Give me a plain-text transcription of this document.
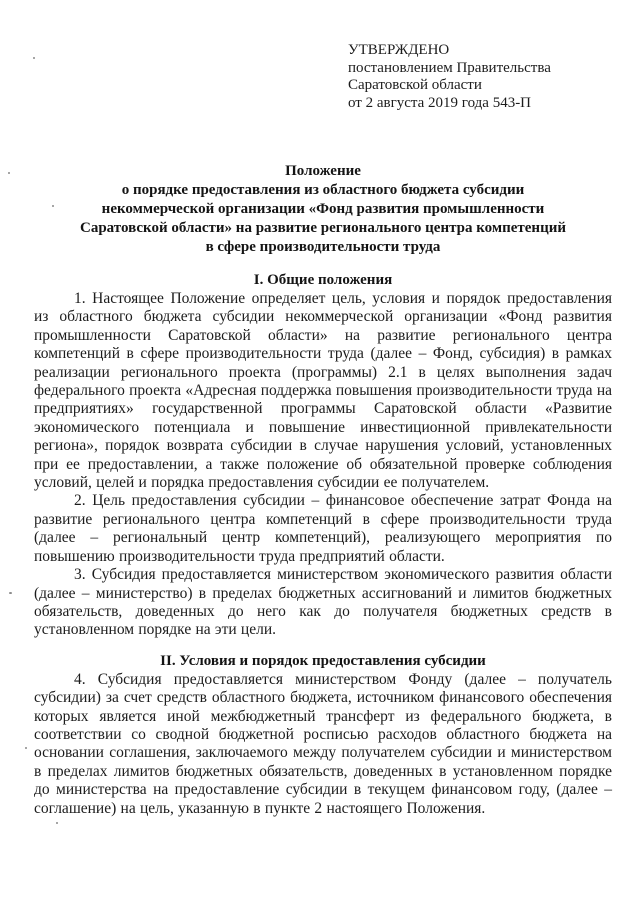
УТВЕРЖДЕНО
постановлением Правительства
Саратовской области
от 2 августа 2019 года 543-П
Положение
о порядке предоставления из областного бюджета субсидии
некоммерческой организации «Фонд развития промышленности
Саратовской области» на развитие регионального центра компетенций
в сфере производительности труда
I. Общие положения

1. Настоящее Положение определяет цель, условия и порядок предоставления из областного бюджета субсидии некоммерческой организации «Фонд развития промышленности Саратовской области» на развитие регионального центра компетенций в сфере производительности труда (далее – Фонд, субсидия) в рамках реализации регионального проекта (программы) 2.1 в целях выполнения задач федерального проекта «Адресная поддержка повышения производительности труда на предприятиях» государственной программы Саратовской области «Развитие экономического потенциала и повышение инвестиционной привлекательности региона», порядок возврата субсидии в случае нарушения условий, установленных при ее предоставлении, а также положение об обязательной проверке соблюдения условий, целей и порядка предоставления субсидии ее получателем.

2. Цель предоставления субсидии – финансовое обеспечение затрат Фонда на развитие регионального центра компетенций в сфере производительности труда (далее – региональный центр компетенций), реализующего мероприятия по повышению производительности труда предприятий области.

3. Субсидия предоставляется министерством экономического развития области (далее – министерство) в пределах бюджетных ассигнований и лимитов бюджетных обязательств, доведенных до него как до получателя бюджетных средств в установленном порядке на эти цели.

II. Условия и порядок предоставления субсидии

4. Субсидия предоставляется министерством Фонду (далее – получатель субсидии) за счет средств областного бюджета, источником финансового обеспечения которых является иной межбюджетный трансферт из федерального бюджета, в соответствии со сводной бюджетной росписью расходов областного бюджета на основании соглашения, заключаемого между получателем субсидии и министерством в пределах лимитов бюджетных обязательств, доведенных в установленном порядке до министерства на предоставление субсидии в текущем финансовом году, (далее – соглашение) на цель, указанную в пункте 2 настоящего Положения.
